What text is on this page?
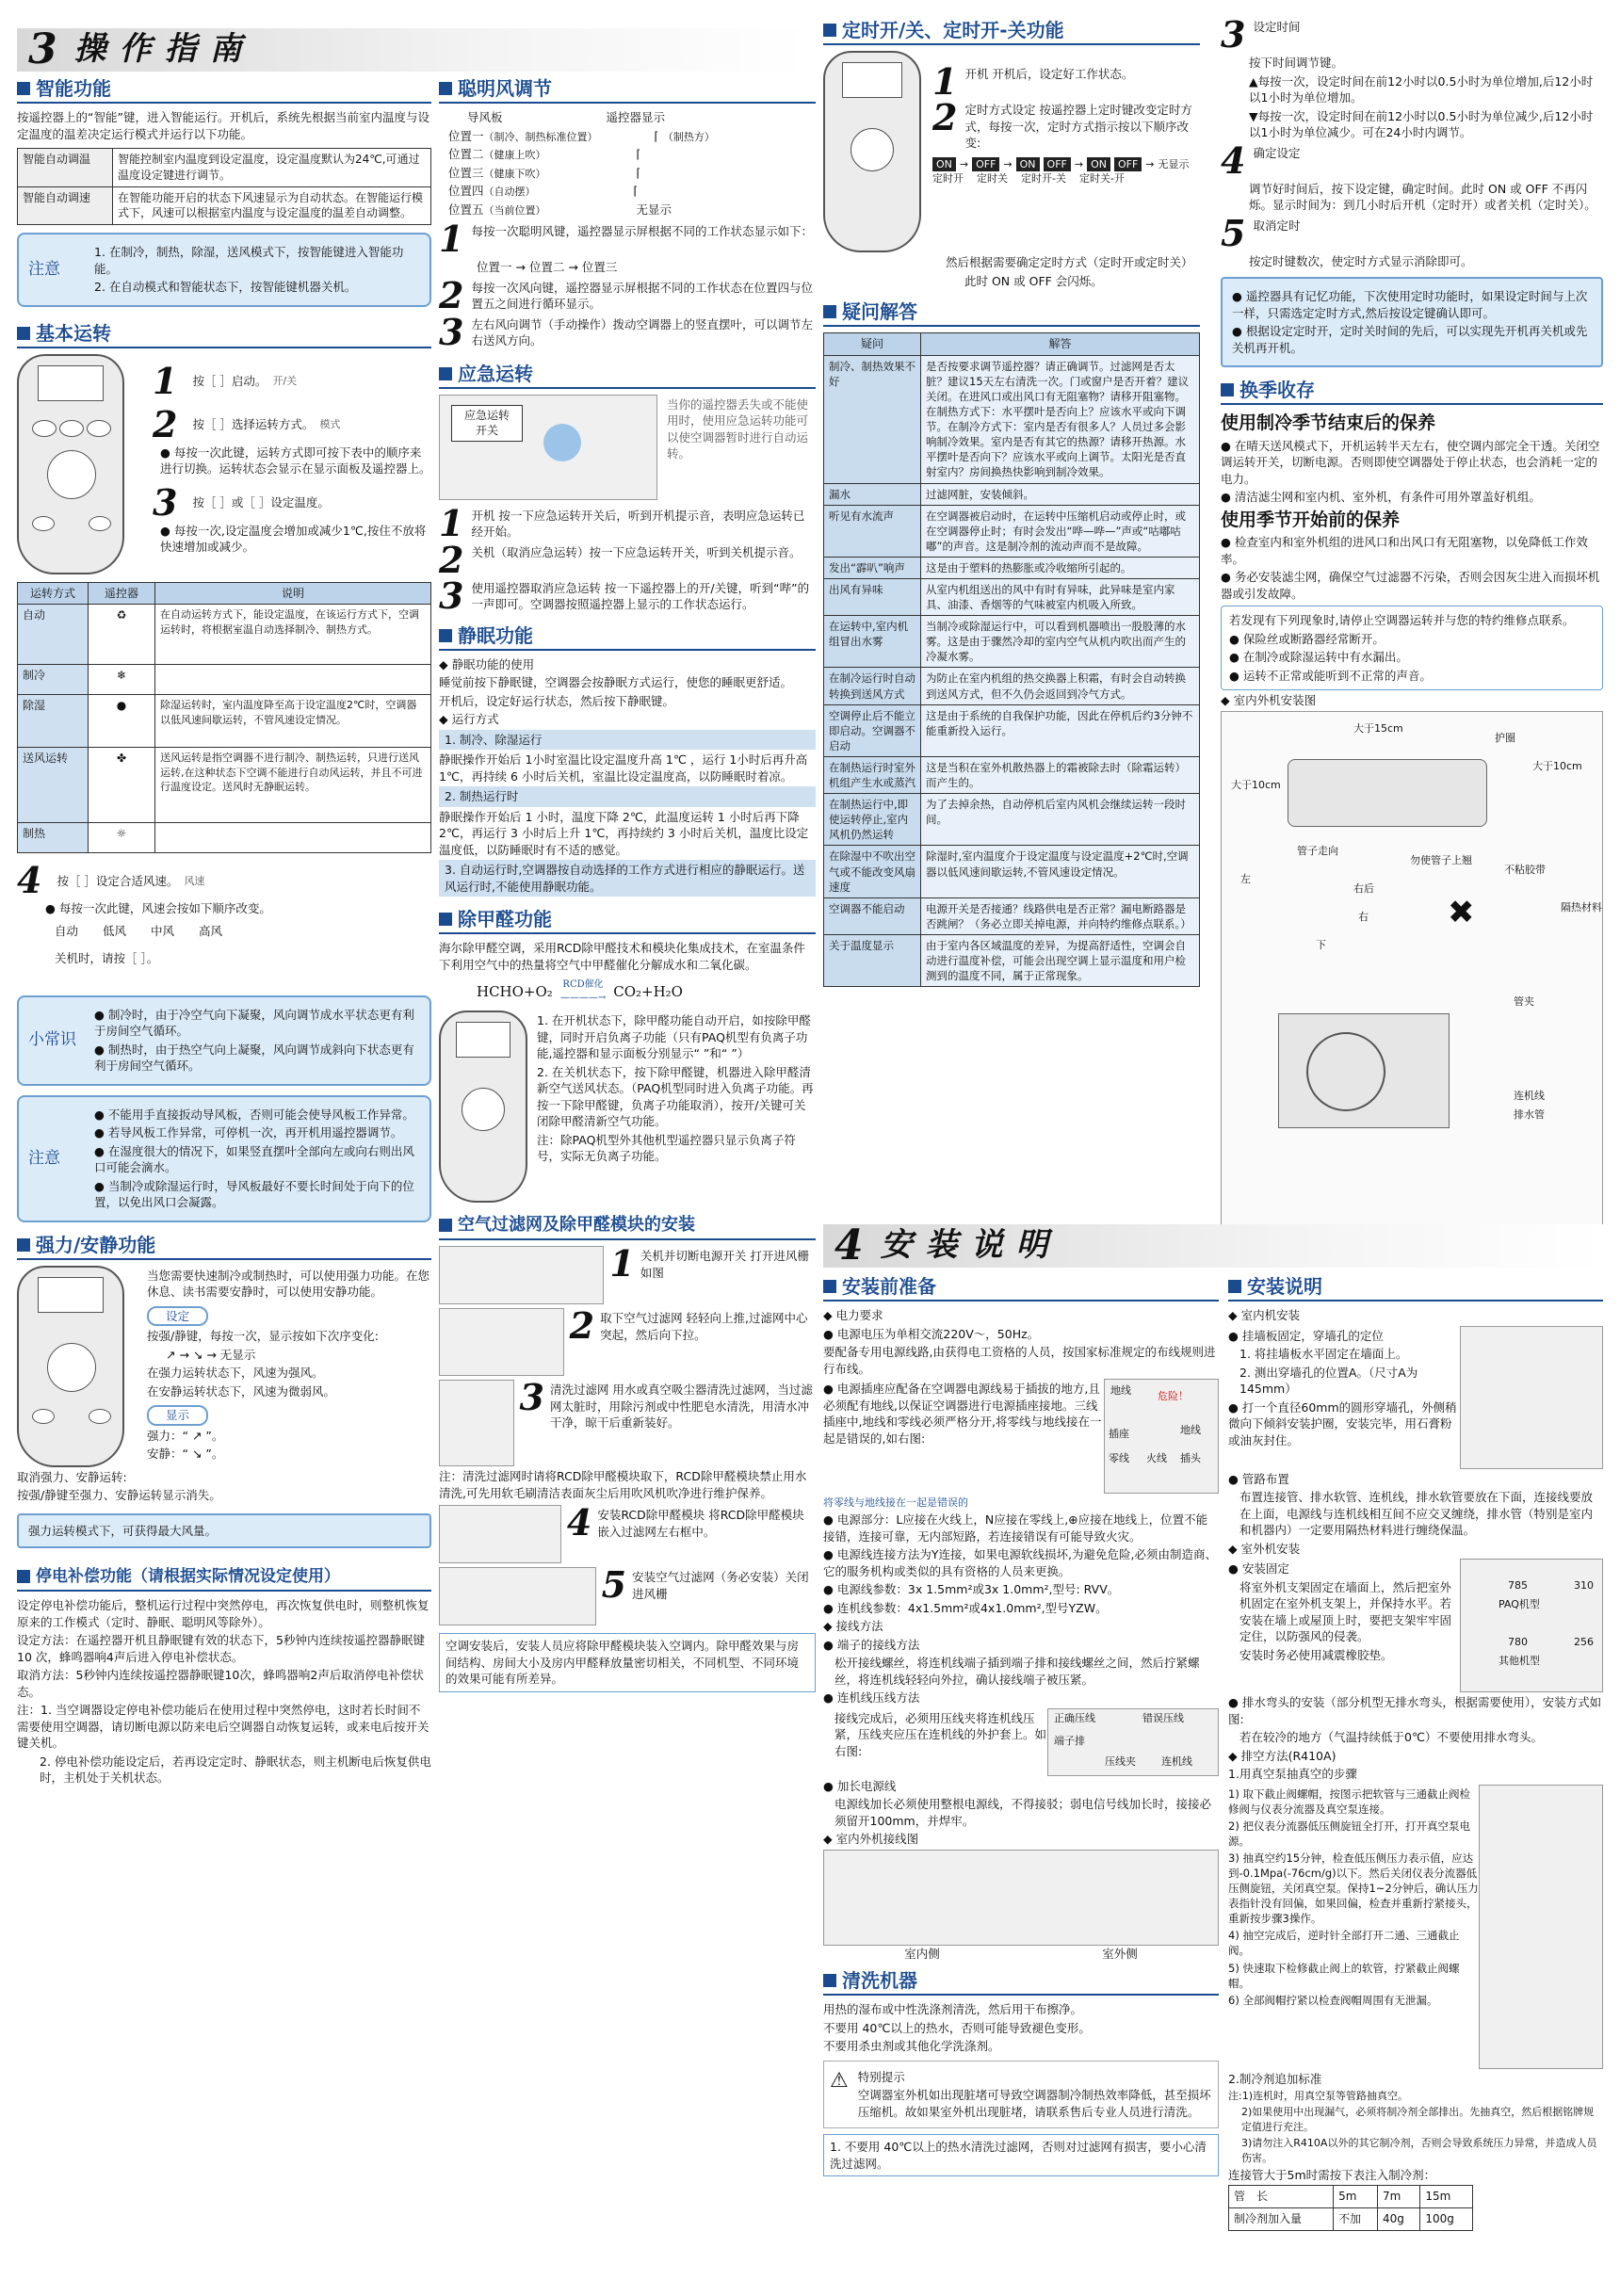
3 操作指南
智能功能

按遥控器上的“智能”键，进入智能运行。开机后，系统先根据当前室内温度与设定温度的温差决定运行模式并运行以下功能。

智能自动调温	智能控制室内温度到设定温度，设定温度默认为24℃,可通过温度设定键进行调节。
智能自动调速	在智能功能开启的状态下风速显示为自动状态。在智能运行模式下，风速可以根据室内温度与设定温度的温差自动调整。
注意

1. 在制冷，制热，除湿，送风模式下，按智能键进入智能功能。

2. 在自动模式和智能状态下，按智能键机器关机。

基本运转
1 按［ ］启动。 开/关
2 按［ ］选择运转方式。 模式

● 每按一次此键，运转方式即可按下表中的顺序来进行切换。运转状态会显示在显示面板及遥控器上。

3 按［ ］或［ ］设定温度。

● 每按一次,设定温度会增加或减少1℃,按住不放将快速增加或减少。

运转方式	遥控器	说明
自动	♻	在自动运转方式下，能设定温度，在该运行方式下，空调运转时，将根据室温自动选择制冷、制热方式。
制冷	❄	
除湿	●	除湿运转时，室内温度降至高于设定温度2℃时，空调器以低风速间歇运转，不管风速设定情况。
送风运转	✤	送风运转是指空调器不进行制冷、制热运转，只进行送风运转,在这种状态下空调不能进行自动风运转，并且不可进行温度设定。送风时无静眠运转。
制热	☼	
4 按［ ］设定合适风速。 风速

● 每按一次此键，风速会按如下顺序改变。

自动 低风 中风 高风

关机时，请按［ ］。

小常识

● 制冷时，由于冷空气向下凝聚，风向调节成水平状态更有利于房间空气循环。

● 制热时，由于热空气向上凝聚，风向调节成斜向下状态更有利于房间空气循环。

注意

● 不能用手直接扳动导风板，否则可能会使导风板工作异常。

● 若导风板工作异常，可停机一次，再开机用遥控器调节。

● 在湿度很大的情况下，如果竖直摆叶全部向左或向右则出风口可能会滴水。

● 当制冷或除湿运行时，导风板最好不要长时间处于向下的位置，以免出风口会凝露。

强力/安静功能

当您需要快速制冷或制热时，可以使用强力功能。在您休息、读书需要安静时，可以使用安静功能。

设定

按强/静键，每按一次，显示按如下次序变化:

↗ → ↘ → 无显示

在强力运转状态下，风速为强风。

在安静运转状态下，风速为微弱风。

显示

强力：“ ↗ ”。

安静：“ ↘ ”。

取消强力、安静运转:

按强/静键至强力、安静运转显示消失。

强力运转模式下，可获得最大风量。
停电补偿功能（请根据实际情况设定使用）

设定停电补偿功能后，整机运行过程中突然停电，再次恢复供电时，则整机恢复原来的工作模式（定时、静眠、聪明风等除外）。

设定方法：在遥控器开机且静眠键有效的状态下，5秒钟内连续按遥控器静眠键10 次，蜂鸣器响4声后进入停电补偿状态。

取消方法：5秒钟内连续按遥控器静眠键10次，蜂鸣器响2声后取消停电补偿状态。

注：1. 当空调器设定停电补偿功能后在使用过程中突然停电，这时若长时间不需要使用空调器，请切断电源以防来电后空调器自动恢复运转，或来电后按开关键关机。

2. 停电补偿功能设定后，若再设定定时、静眠状态，则主机断电后恢复供电时，主机处于关机状态。

聪明风调节
导风板	遥控器显示

位置一（制冷、制热标准位置）	⌈ （制热方）

位置二（健康上吹）	⌈

位置三（健康下吹）	⌈

位置四（自动摆）	⌈

位置五（当前位置）	无显示

1 每按一次聪明风键，遥控器显示屏根据不同的工作状态显示如下：

位置一 → 位置二 → 位置三

2 每按一次风向键，遥控器显示屏根据不同的工作状态在位置四与位置五之间进行循环显示。

3 左右风向调节（手动操作）拨动空调器上的竖直摆叶，可以调节左右送风方向。

应急运转
应急运转开关

当你的遥控器丢失或不能使用时，使用应急运转功能可以使空调器暂时进行自动运转。

1 开机 按一下应急运转开关后，听到开机提示音，表明应急运转已经开始。

2 关机（取消应急运转）按一下应急运转开关，听到关机提示音。

3 使用遥控器取消应急运转 按一下遥控器上的开/关键，听到“哔”的一声即可。空调器按照遥控器上显示的工作状态运行。

静眠功能

◆ 静眠功能的使用

睡觉前按下静眠键，空调器会按静眠方式运行，使您的睡眠更舒适。

开机后，设定好运行状态，然后按下静眠键。

◆ 运行方式

1. 制冷、除湿运行

静眠操作开始后 1小时室温比设定温度升高 1℃ ，运行 1小时后再升高1℃，再持续 6 小时后关机，室温比设定温度高，以防睡眠时着凉。

2. 制热运行时

静眠操作开始后 1 小时，温度下降 2℃，此温度运转 1 小时后再下降 2℃，再运行 3 小时后上升 1℃，再持续约 3 小时后关机，温度比设定温度低，以防睡眠时有不适的感觉。

3. 自动运行时,空调器按自动选择的工作方式进行相应的静眠运行。送风运行时,不能使用静眠功能。
除甲醛功能

海尔除甲醛空调，采用RCD除甲醛技术和模块化集成技术，在室温条件下利用空气中的热量将空气中甲醛催化分解成水和二氧化碳。

HCHO+O₂ RCD催化
————→ CO₂+H₂O

1. 在开机状态下，除甲醛功能自动开启，如按除甲醛键，同时开启负离子功能（只有PAQ机型有负离子功能,遥控器和显示面板分别显示“ ”和“ ”）

2. 在关机状态下，按下除甲醛键，机器进入除甲醛清新空气送风状态。（PAQ机型同时进入负离子功能。再按一下除甲醛键，负离子功能取消），按开/关键可关闭除甲醛清新空气功能。

注：除PAQ机型外其他机型遥控器只显示负离子符号，实际无负离子功能。

空气过滤网及除甲醛模块的安装
1 关机并切断电源开关 打开进风栅如图

2 取下空气过滤网 轻轻向上推,过滤网中心突起，然后向下拉。

3 清洗过滤网 用水或真空吸尘器清洗过滤网，当过滤网太脏时，用除污剂或中性肥皂水清洗，用清水冲干净，晾干后重新装好。

注：清洗过滤网时请将RCD除甲醛模块取下，RCD除甲醛模块禁止用水清洗,可先用软毛刷清洁表面灰尘后用吹风机吹净进行维护保养。

4 安装RCD除甲醛模块 将RCD除甲醛模块嵌入过滤网左右框中。

5 安装空气过滤网（务必安装）关闭进风栅

空调安装后，安装人员应将除甲醛模块装入空调内。除甲醛效果与房间结构、房间大小及房内甲醛释放量密切相关，不同机型、不同环境的效果可能有所差异。
定时开/关、定时开-关功能
1 开机 开机后，设定好工作状态。

2 定时方式设定 按遥控器上定时键改变定时方式，每按一次，定时方式指示按以下顺序改变:

ON → OFF → ON	OFF → ON	OFF → 无显示
定时开 定时关 定时开-关 定时关-开

然后根据需要确定定时方式（定时开或定时关）

此时 ON 或 OFF 会闪烁。

疑问解答
疑问	解答
制冷、制热效果不好	是否按要求调节遥控器？请正确调节。过滤网是否太脏？建议15天左右清洗一次。门或窗户是否开着？建议关闭。在进风口或出风口有无阻塞物？请移开阻塞物。在制热方式下：水平摆叶是否向上？应该水平或向下调节。在制冷方式下：室内是否有很多人？人员过多会影响制冷效果。室内是否有其它的热源？请移开热源。水平摆叶是否向下？应该水平或向上调节。太阳光是否直射室内？房间换热快影响到制冷效果。
漏水	过滤网脏，安装倾斜。
听见有水流声	在空调器被启动时，在运转中压缩机启动或停止时，或在空调器停止时；有时会发出“哗—哗—”声或“咕嘟咕嘟”的声音。这是制冷剂的流动声而不是故障。
发出“霹叭”响声	这是由于塑料的热膨胀或冷收缩所引起的。
出风有异味	从室内机组送出的风中有时有异味，此异味是室内家具、油漆、香烟等的气味被室内机吸入所致。
在运转中,室内机组冒出水雾	当制冷或除湿运行中，可以看到机器喷出一股股薄的水雾。这是由于骤然冷却的室内空气从机内吹出而产生的冷凝水雾。
在制冷运行时自动转换到送风方式	为防止在室内机组的热交换器上积霜，有时会自动转换到送风方式，但不久仍会返回到冷气方式。
空调停止后不能立即启动。空调器不启动	这是由于系统的自我保护功能，因此在停机后约3分钟不能重新投入运行。
在制热运行时室外机组产生水或蒸汽	这是当积在室外机散热器上的霜被除去时（除霜运转）而产生的。
在制热运行中,即使运转停止,室内风机仍然运转	为了去掉余热，自动停机后室内风机会继续运转一段时间。
在除湿中不吹出空气或不能改变风扇速度	除湿时,室内温度介于设定温度与设定温度+2℃时,空调器以低风速间歇运转,不管风速设定情况。
空调器不能启动	电源开关是否接通？线路供电是否正常？漏电断路器是否跳闸？（务必立即关掉电源，并向特约维修点联系。）
关于温度显示	由于室内各区域温度的差异，为提高舒适性，空调会自动进行温度补偿，可能会出现空调上显示温度和用户检测到的温度不同，属于正常现象。
3 设定时间

按下时间调节键。

▲每按一次，设定时间在前12小时以0.5小时为单位增加,后12小时以1小时为单位增加。

▼每按一次，设定时间在前12小时以0.5小时为单位减少,后12小时以1小时为单位减少。可在24小时内调节。

4 确定设定

调节好时间后，按下设定键，确定时间。此时 ON 或 OFF 不再闪烁。显示时间为：到几小时后开机（定时开）或者关机（定时关）。

5 取消定时

按定时键数次，使定时方式显示消除即可。

● 遥控器具有记忆功能，下次使用定时功能时，如果设定时间与上次一样，只需选定定时方式,然后按设定键确认即可。

● 根据设定定时开，定时关时间的先后，可以实现先开机再关机或先关机再开机。

换季收存

使用制冷季节结束后的保养

● 在晴天送风模式下，开机运转半天左右，使空调内部完全干透。关闭空调运转开关，切断电源。否则即使空调器处于停止状态，也会消耗一定的电力。

● 清洁滤尘网和室内机、室外机，有条件可用外罩盖好机组。

使用季节开始前的保养

● 检查室内和室外机组的进风口和出风口有无阻塞物，以免降低工作效率。

● 务必安装滤尘网，确保空气过滤器不污染，否则会因灰尘进入而损坏机器或引发故障。

若发现有下列现象时,请停止空调器运转并与您的特约维修点联系。

● 保险丝或断路器经常断开。

● 在制冷或除湿运转中有水漏出。

● 运转不正常或能听到不正常的声音。

◆ 室内外机安装图

大于15cm
大于10cm
大于10cm
护圈
管子走向
左
右后
右
下
勿使管子上翘
不粘胶带
隔热材料
✖
管夹
连机线
排水管
4 安装说明
安装前准备

◆ 电力要求

● 电源电压为单相交流220V～，50Hz。

要配备专用电源线路,由获得电工资格的人员，按国家标准规定的布线规则进行布线。

● 电源插座应配备在空调器电源线易于插拔的地方,且必须配有地线,以保证空调器进行电源插座接地。三线插座中,地线和零线必须严格分开,将零线与地线接在一起是错误的,如右图:

地线	危险！
插座
零线 火线
地线
插头

将零线与地线接在一起是错误的

● 电源部分：L应接在火线上，N应接在零线上,⊕应接在地线上，位置不能接错，连接可靠，无内部短路，若连接错误有可能导致火灾。

● 电源线连接方法为Y连接，如果电源软线损坏,为避免危险,必须由制造商、它的服务机构或类似的具有资格的人员来更换。

● 电源线参数：3x 1.5mm²或3x 1.0mm²,型号: RVV。

● 连机线参数：4x1.5mm²或4x1.0mm²,型号YZW。

◆ 接线方法

● 端子的接线方法

松开接线螺丝，将连机线端子插到端子排和接线螺丝之间，然后拧紧螺丝，将连机线轻轻向外拉，确认接线端子被压紧。

● 连机线压线方法

接线完成后，必须用压线夹将连机线压紧，压线夹应压在连机线的外护套上。如右图:

正确压线	错误压线
端子排
压线夹 连机线

● 加长电源线

电源线加长必须使用整根电源线，不得接驳；弱电信号线加长时，接接必须留开100mm，并焊牢。

◆ 室内外机接线图

室内侧	室外侧
清洗机器

用热的湿布或中性洗涤剂清洗，然后用干布擦净。

不要用 40℃以上的热水，否则可能导致褪色变形。

不要用杀虫剂或其他化学洗涤剂。

⚠ 特别提示

空调器室外机如出现脏堵可导致空调器制冷制热效率降低，甚至损坏压缩机。故如果室外机出现脏堵，请联系售后专业人员进行清洗。

1. 不要用 40℃以上的热水清洗过滤网，否则对过滤网有损害，要小心清洗过滤网。
安装说明

◆ 室内机安装

● 挂墙板固定，穿墙孔的定位

1. 将挂墙板水平固定在墙面上。

2. 测出穿墙孔的位置A。（尺寸A为145mm）

● 打一个直径60mm的圆形穿墙孔，外侧稍微向下倾斜安装护圈，安装完毕，用石膏粉或油灰封住。

● 管路布置

布置连接管、排水软管、连机线，排水软管要放在下面，连接线要放在上面，电源线与连机线相互间不应交叉缠绕，排水管（特别是室内和机器内）一定要用隔热材料进行缠绕保温。

◆ 室外机安装

● 安装固定

将室外机支架固定在墙面上，然后把室外机固定在室外机支架上，并保持水平。若安装在墙上或屋顶上时，要把支架牢牢固定住，以防强风的侵袭。

安装时务必使用减震橡胶垫。

785
PAQ机型
780
其他机型
310
256

● 排水弯头的安装（部分机型无排水弯头，根据需要使用），安装方式如图:

若在较冷的地方（气温持续低于0℃）不要使用排水弯头。

◆ 排空方法(R410A)

1.用真空泵抽真空的步骤

1) 取下截止阀螺帽，按图示把软管与三通截止阀检修阀与仪表分流器及真空泵连接。

2) 把仪表分流器低压侧旋钮全打开，打开真空泵电源。

3) 抽真空约15分钟，检查低压侧压力表示值，应达到-0.1Mpa(-76cm/g)以下。然后关闭仪表分流器低压侧旋钮，关闭真空泵。保持1~2分钟后，确认压力表指针没有回偏，如果回偏，检查并重新拧紧接头，重新按步骤3操作。

4) 抽空完成后，逆时针全部打开二通、三通截止阀。

5) 快速取下检修截止阀上的软管，拧紧截止阀螺帽。

6) 全部阀帽拧紧以检查阀帽周围有无泄漏。

2.制冷剂追加标准

注:1)连机时，用真空泵等管路抽真空。

2)如果使用中出现漏气，必须将制冷剂全部排出。先抽真空，然后根据铭牌规定值进行充注。

3)请勿注入R410A以外的其它制冷剂，否则会导致系统压力异常，并造成人员伤害。

连接管大于5m时需按下表注入制冷剂：

管　长	5m	7m	15m
制冷剂加入量	不加	40g	100g
